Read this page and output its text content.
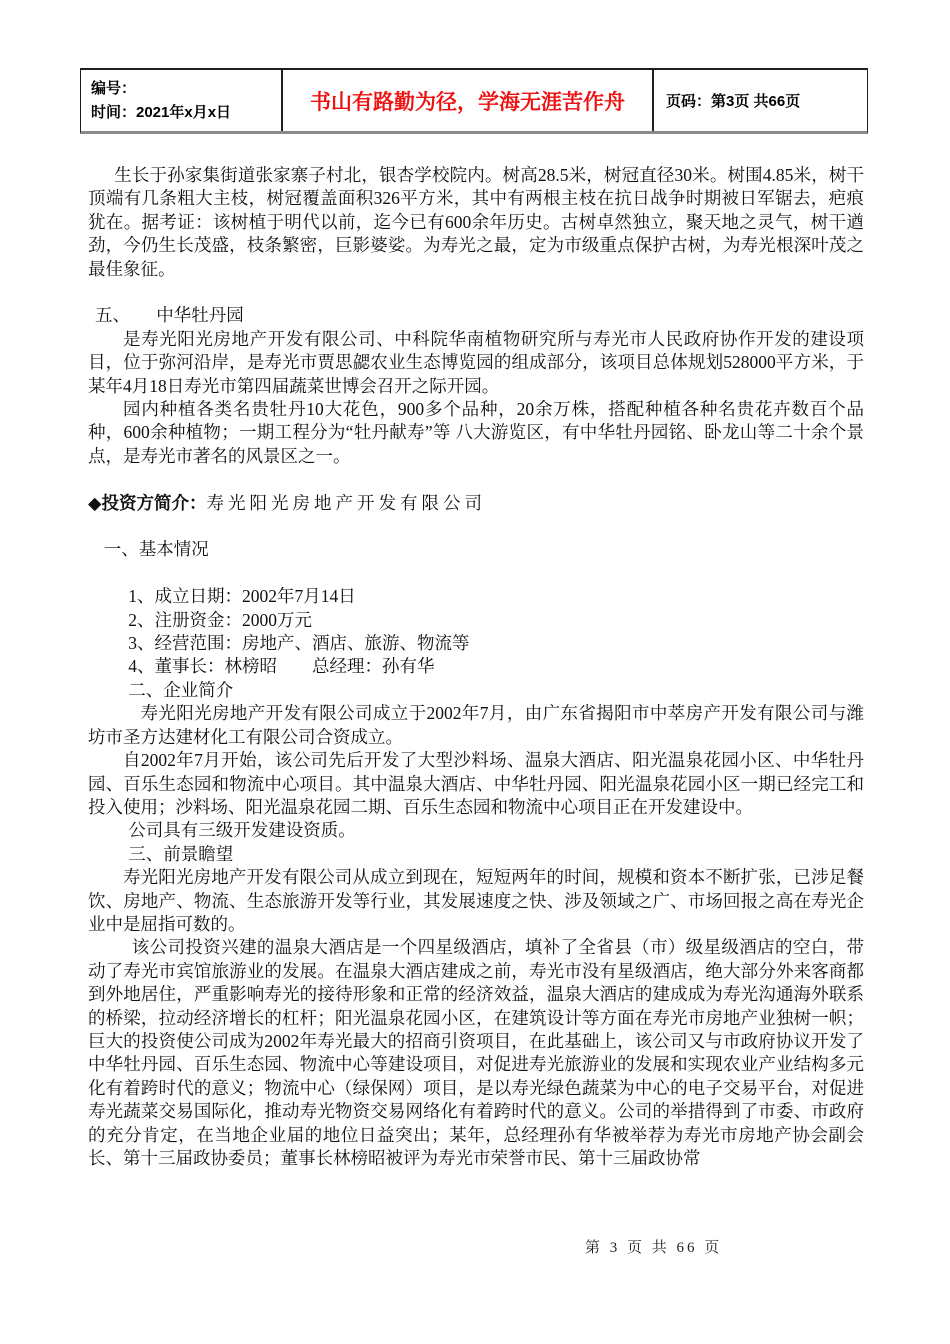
编号：
时间：2021年x月x日	书山有路勤为径，学海无涯苦作舟	页码：第3页 共66页

生长于孙家集街道张家寨子村北，银杏学校院内。树高28.5米，树冠直径30米。树围4.85米，树干顶端有几条粗大主枝，树冠覆盖面积326平方米，其中有两根主枝在抗日战争时期被日军锯去，疤痕犹在。据考证：该树植于明代以前，迄今已有600余年历史。古树卓然独立，聚天地之灵气，树干遒劲，今仍生长茂盛，枝条繁密，巨影婆娑。为寿光之最，定为市级重点保护古树，为寿光根深叶茂之最佳象征。

五、　　中华牡丹园

是寿光阳光房地产开发有限公司、中科院华南植物研究所与寿光市人民政府协作开发的建设项目，位于弥河沿岸，是寿光市贾思勰农业生态博览园的组成部分，该项目总体规划528000平方米，于某年4月18日寿光市第四届蔬菜世博会召开之际开园。

园内种植各类名贵牡丹10大花色，900多个品种，20余万株，搭配种植各种名贵花卉数百个品种，600余种植物；一期工程分为“牡丹献寿”等 八大游览区，有中华牡丹园铭、卧龙山等二十余个景点，是寿光市著名的风景区之一。

◆投资方简介：寿光阳光房地产开发有限公司

一、基本情况

1、成立日期：2002年7月14日

2、注册资金：2000万元

3、经营范围：房地产、酒店、旅游、物流等

4、董事长：林榜昭　　总经理：孙有华

二、企业简介

寿光阳光房地产开发有限公司成立于2002年7月，由广东省揭阳市中萃房产开发有限公司与潍坊市圣方达建材化工有限公司合资成立。

自2002年7月开始，该公司先后开发了大型沙料场、温泉大酒店、阳光温泉花园小区、中华牡丹园、百乐生态园和物流中心项目。其中温泉大酒店、中华牡丹园、阳光温泉花园小区一期已经完工和投入使用；沙料场、阳光温泉花园二期、百乐生态园和物流中心项目正在开发建设中。

公司具有三级开发建设资质。

三、前景瞻望

寿光阳光房地产开发有限公司从成立到现在，短短两年的时间，规模和资本不断扩张，已涉足餐饮、房地产、物流、生态旅游开发等行业，其发展速度之快、涉及领域之广、市场回报之高在寿光企业中是屈指可数的。

该公司投资兴建的温泉大酒店是一个四星级酒店，填补了全省县（市）级星级酒店的空白，带动了寿光市宾馆旅游业的发展。在温泉大酒店建成之前，寿光市没有星级酒店，绝大部分外来客商都到外地居住，严重影响寿光的接待形象和正常的经济效益，温泉大酒店的建成成为寿光沟通海外联系的桥梁，拉动经济增长的杠杆；阳光温泉花园小区，在建筑设计等方面在寿光市房地产业独树一帜；巨大的投资使公司成为2002年寿光最大的招商引资项目，在此基础上，该公司又与市政府协议开发了中华牡丹园、百乐生态园、物流中心等建设项目，对促进寿光旅游业的发展和实现农业产业结构多元化有着跨时代的意义；物流中心（绿保网）项目，是以寿光绿色蔬菜为中心的电子交易平台，对促进寿光蔬菜交易国际化，推动寿光物资交易网络化有着跨时代的意义。公司的举措得到了市委、市政府的充分肯定，在当地企业届的地位日益突出；某年，总经理孙有华被举荐为寿光市房地产协会副会长、第十三届政协委员；董事长林榜昭被评为寿光市荣誉市民、第十三届政协常

第 3 页 共 66 页
